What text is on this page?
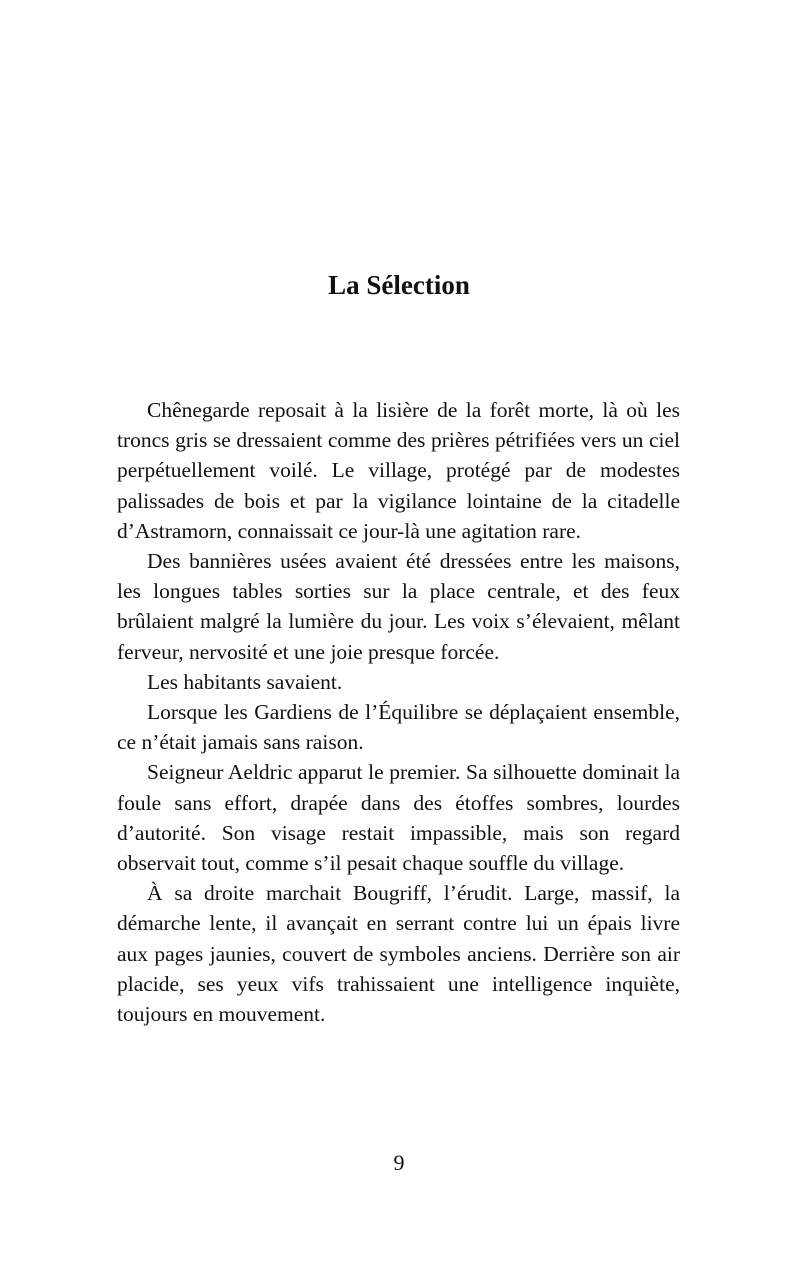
La Sélection

Chênegarde reposait à la lisière de la forêt morte, là où les troncs gris se dressaient comme des prières pétrifiées vers un ciel perpétuellement voilé. Le village, protégé par de modestes palissades de bois et par la vigilance lointaine de la citadelle d’Astramorn, connaissait ce jour-là une agitation rare.

Des bannières usées avaient été dressées entre les maisons, les longues tables sorties sur la place centrale, et des feux brûlaient malgré la lumière du jour. Les voix s’élevaient, mêlant ferveur, nervosité et une joie presque forcée.

Les habitants savaient.

Lorsque les Gardiens de l’Équilibre se déplaçaient ensemble, ce n’était jamais sans raison.

Seigneur Aeldric apparut le premier. Sa silhouette dominait la foule sans effort, drapée dans des étoffes sombres, lourdes d’autorité. Son visage restait impassible, mais son regard observait tout, comme s’il pesait chaque souffle du village.

À sa droite marchait Bougriff, l’érudit. Large, massif, la démarche lente, il avançait en serrant contre lui un épais livre aux pages jaunies, couvert de symboles anciens. Derrière son air placide, ses yeux vifs trahissaient une intelligence inquiète, toujours en mouvement.

9
